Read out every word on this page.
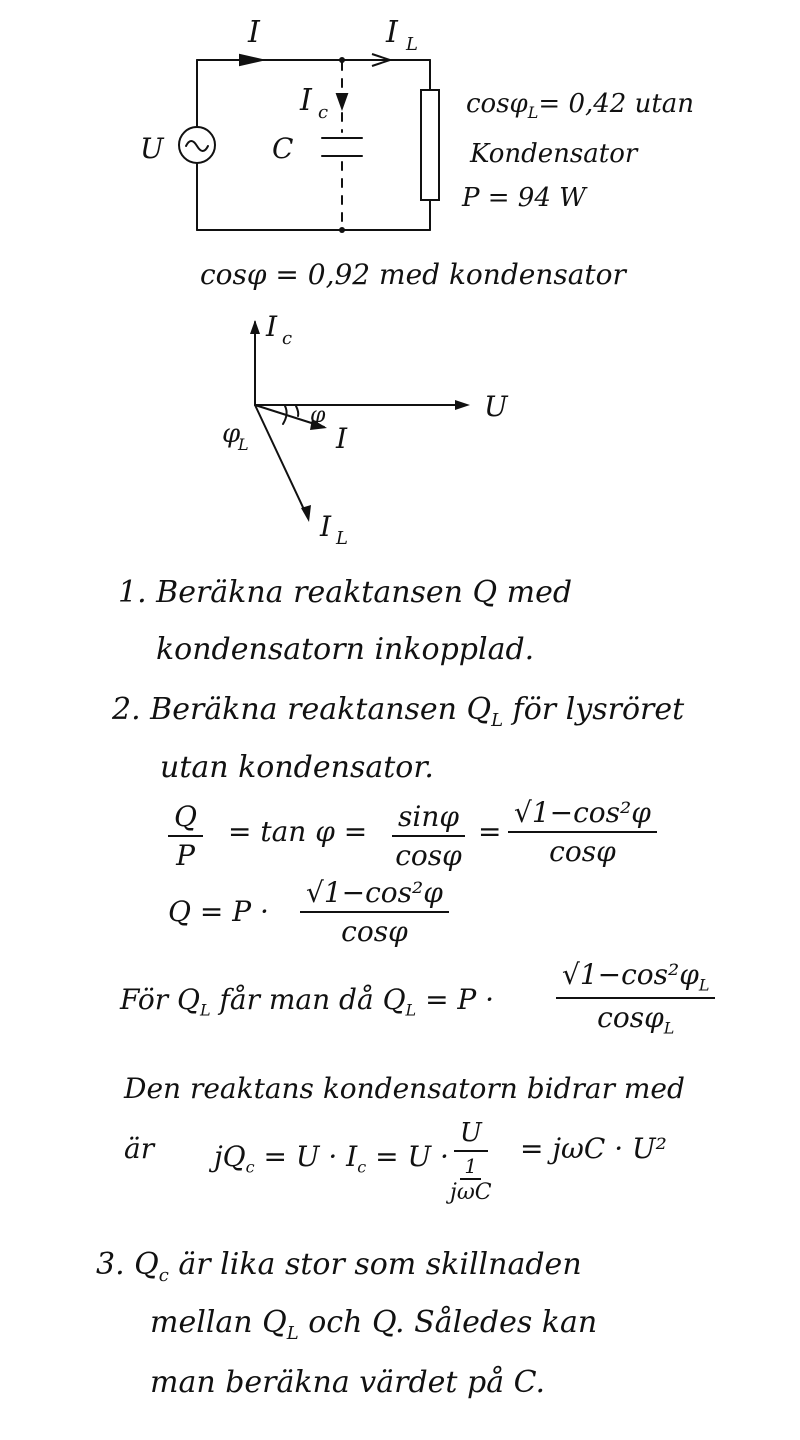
I	I L
I c
U	C
cosφ$_L$= 0,42 utan
Kondensator
P = 94 W
cosφ = 0,92 med kondensator
I c
U
φ
L
φ
I
I L
1. Beräkna reaktansen Q med
kondensatorn inkopplad.
2. Beräkna reaktansen $Q_L$ för lysröret
utan kondensator.
$\frac{Q}{P} = \tan \varphi = \frac{\sin\varphi}{\cos\varphi} = \frac{\text{√1−cos²φ}}{\cos\varphi}$
$Q = P \cdot \frac{\text{√1−cos²φ}}{\cos\varphi}$
För $Q_L$ får man då $Q_L = P \cdot \frac{√1-\cos^2\varphi_L}{\cos\varphi_L}$
Den reaktans kondensatorn bidrar med
är $jQ_c = U \cdot I_c = U$ ·
U
1
jωC
= jωC · U²
3. $Q_c$ är lika stor som skillnaden
mellan $Q_L$ och Q. Således kan
man beräkna värdet på C.
